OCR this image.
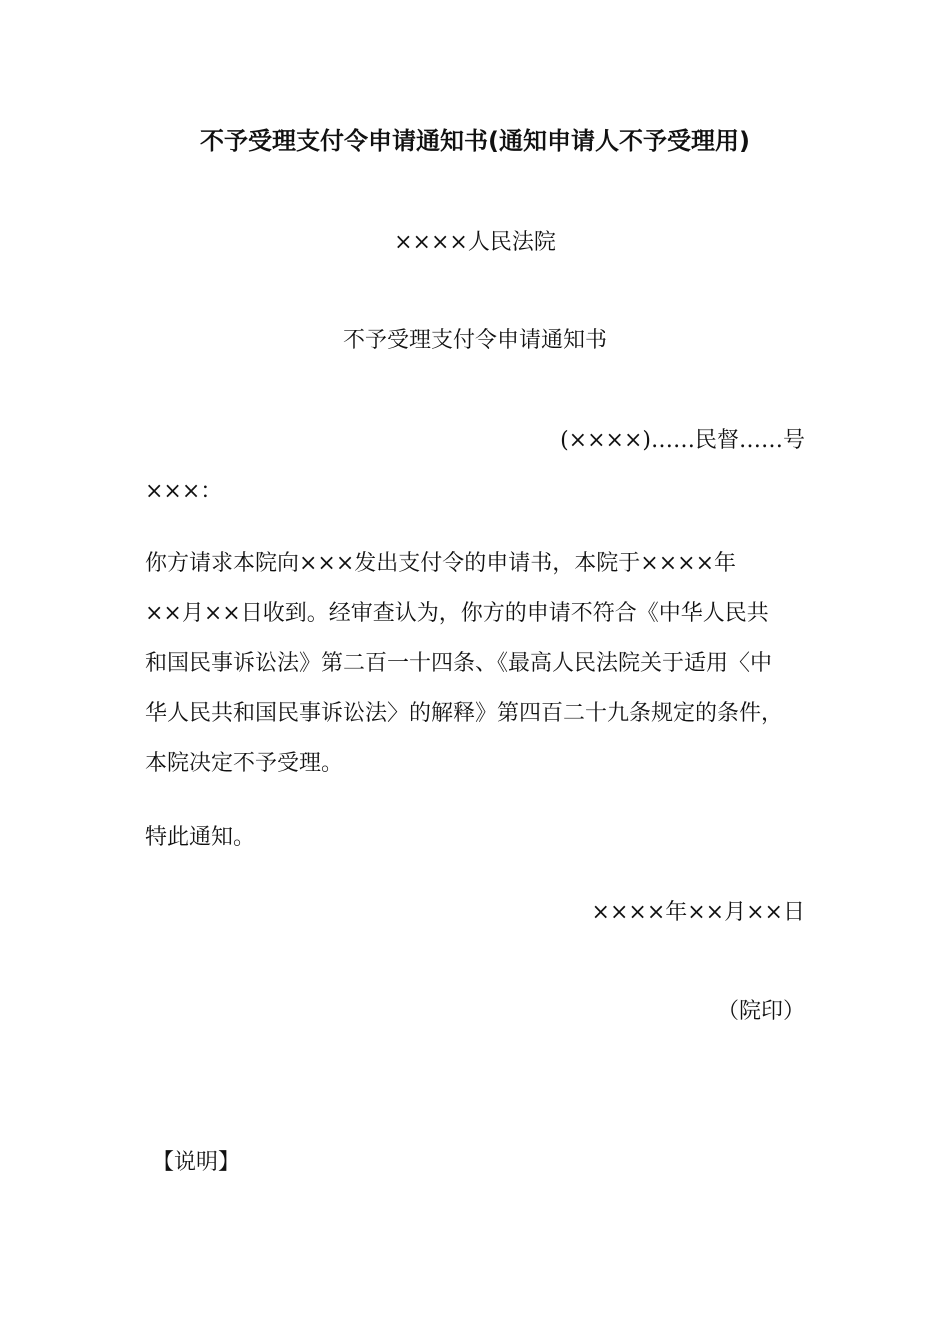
不予受理支付令申请通知书(通知申请人不予受理用)
××××人民法院
不予受理支付令申请通知书
(××××)……民督……号
×××：
你方请求本院向×××发出支付令的申请书，本院于××××年
××月××日收到。经审查认为，你方的申请不符合《中华人民共
和国民事诉讼法》第二百一十四条、《最高人民法院关于适用〈中
华人民共和国民事诉讼法〉的解释》第四百二十九条规定的条件，
本院决定不予受理。
特此通知。
××××年××月××日
（院印）
【说明】
